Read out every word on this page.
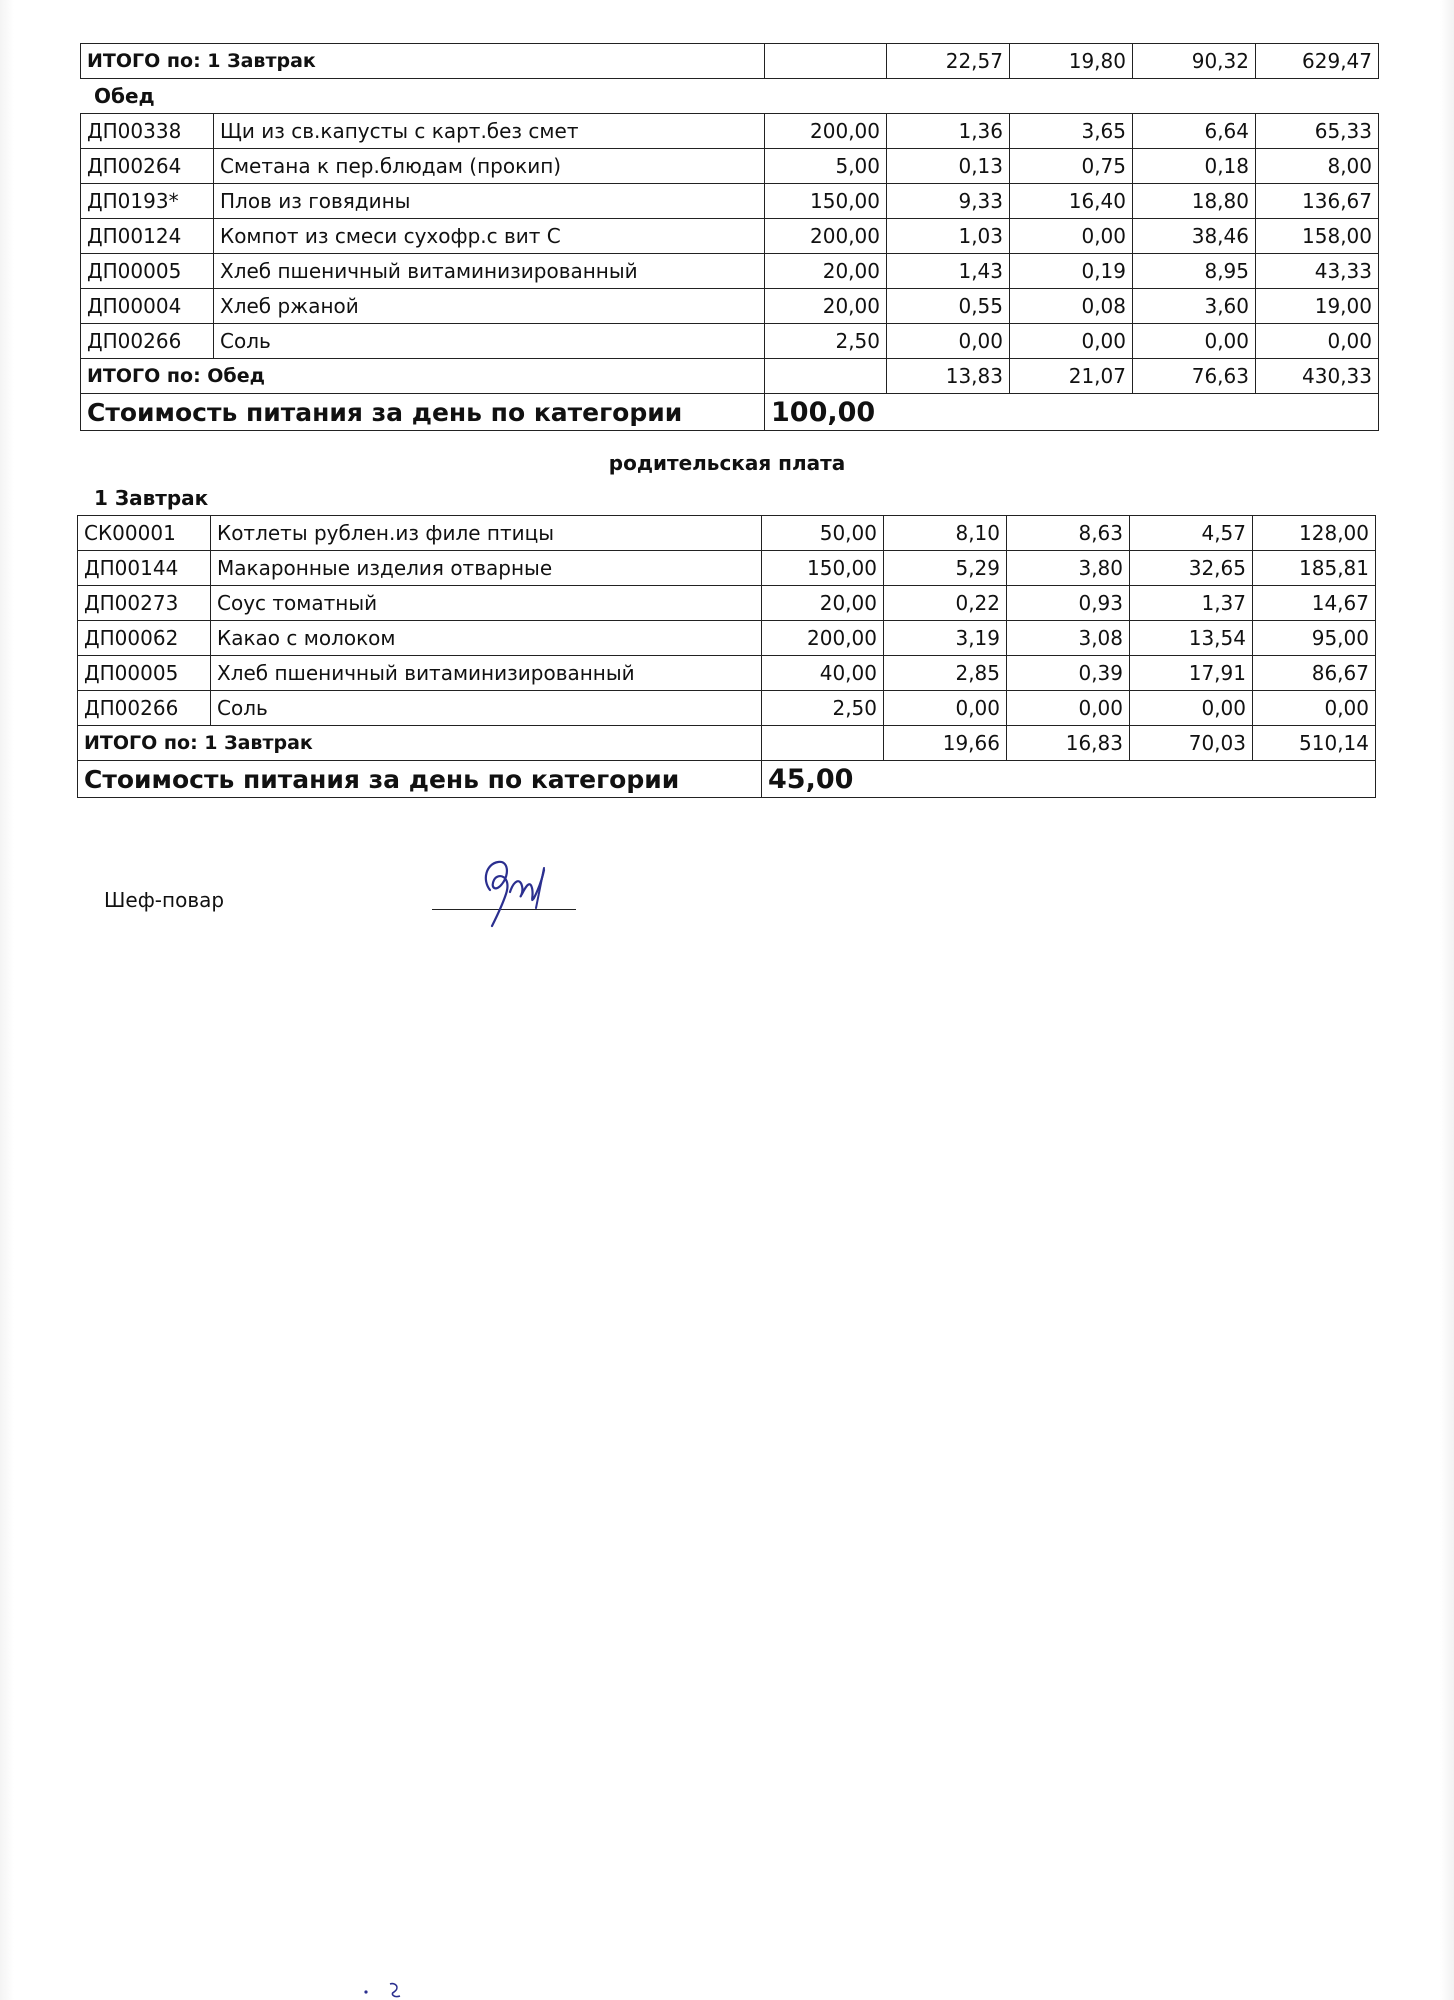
ИТОГО по: 1 Завтрак		22,57	19,80	90,32	629,47
Обед
ДП00338	Щи из св.капусты с карт.без смет	200,00	1,36	3,65	6,64	65,33
ДП00264	Сметана к пер.блюдам (прокип)	5,00	0,13	0,75	0,18	8,00
ДП0193*	Плов из говядины	150,00	9,33	16,40	18,80	136,67
ДП00124	Компот из смеси сухофр.с вит С	200,00	1,03	0,00	38,46	158,00
ДП00005	Хлеб пшеничный витаминизированный	20,00	1,43	0,19	8,95	43,33
ДП00004	Хлеб ржаной	20,00	0,55	0,08	3,60	19,00
ДП00266	Соль	2,50	0,00	0,00	0,00	0,00
ИТОГО по: Обед			13,83	21,07	76,63	430,33
Стоимость питания за день по категории		100,00				
родительская плата
1 Завтрак
СК00001	Котлеты рублен.из филе птицы	50,00	8,10	8,63	4,57	128,00
ДП00144	Макаронные изделия отварные	150,00	5,29	3,80	32,65	185,81
ДП00273	Соус томатный	20,00	0,22	0,93	1,37	14,67
ДП00062	Какао с молоком	200,00	3,19	3,08	13,54	95,00
ДП00005	Хлеб пшеничный витаминизированный	40,00	2,85	0,39	17,91	86,67
ДП00266	Соль	2,50	0,00	0,00	0,00	0,00
ИТОГО по: 1 Завтрак			19,66	16,83	70,03	510,14
Стоимость питания за день по категории		45,00				
Шеф-повар
